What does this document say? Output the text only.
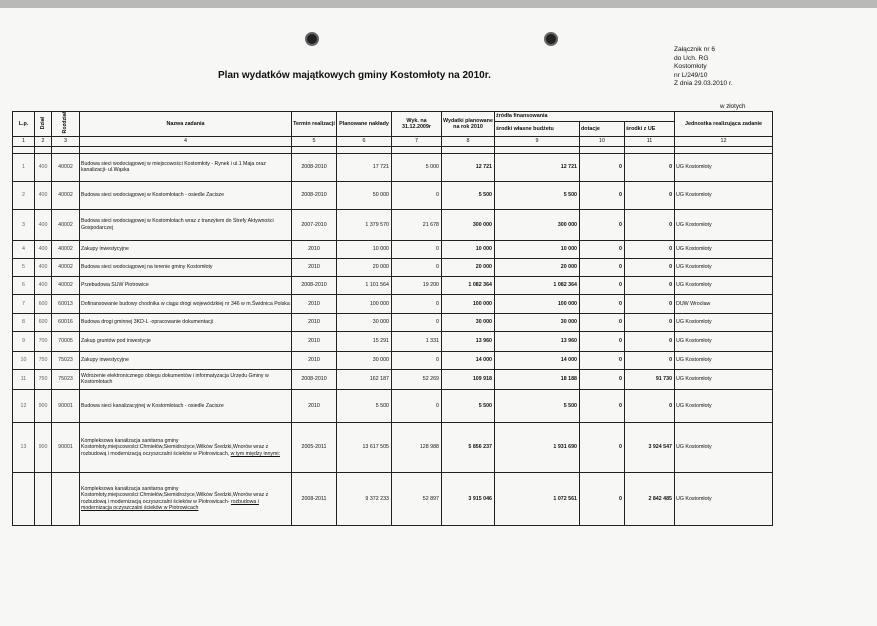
Plan wydatków majątkowych gminy Kostomłoty na 2010r.
Załącznik nr 6
do Uch. RG
Kostomłoty
nr L/249/10
Z dnia 29.03.2010 r.
w złotych
L.p.	Dział	Rozdział	Nazwa zadania	Termin realizacji	Planowane nakłady	Wyk. na 31.12.2009r	Wydatki planowane na rok 2010	źródła finansowania			Jednostka realizująca zadanie
								środki własne budżetu	dotacje	środki z UE	
1	2	3	4	5	6	7	8	9	10	11	12

1	400	40002	Budowa sieci wodociągowej w miejscowości Kostomłoty - Rynek i ul.1 Maja oraz kanalizacji- ul.Wąska	2008-2010	17 721	5 000	12 721	12 721	0	0	UG Kostomłoty
2	400	40002	Budowa sieci wodociągowej w Kostomłotach - osiedle Zacisze	2008-2010	50 000	0	5 500	5 500	0	0	UG Kostomłoty
3	400	40002	Budowa sieci wodociągowej w Kostomłotach wraz z tranzytem do Strefy Aktywności Gospodarczej	2007-2010	1 379 570	21 678	300 000	300 000	0	0	UG Kostomłoty
4	400	40002	Zakupy inwestycyjne	2010	10 000	0	10 000	10 000	0	0	UG Kostomłoty
5	400	40002	Budowa sieci wodociągowej na terenie gminy Kostomłoty	2010	20 000	0	20 000	20 000	0	0	UG Kostomłoty
6	400	40002	Przebudowa SUW Piotrowice	2008-2010	1 101 564	19 200	1 082 364	1 082 364	0	0	UG Kostomłoty
7	600	60013	Dofinansowanie budowy chodnika w ciągu drogi wojewódzkiej nr 346 w m.Świdnica Polska	2010	100 000	0	100 000	100 000	0	0	DUW Wrocław
8	600	60016	Budowa drogi gminnej 3KD-L -opracowanie dokumentacji	2010	30 000	0	30 000	30 000	0	0	UG Kostomłoty
9	700	70005	Zakup gruntów pod inwestycje	2010	15 291	1 331	13 960	13 960	0	0	UG Kostomłoty
10	750	75023	Zakupy inwestycyjne	2010	30 000	0	14 000	14 000	0	0	UG Kostomłoty
11	750	75023	Wdrożenie elektronicznego obiegu dokumentów i informatyzacja Urzędu Gminy w Kostomłotach	2008-2010	162 187	52 269	109 918	18 188	0	91 730	UG Kostomłoty
12	900	90001	Budowa sieci kanalizacyjnej w Kostomłotach - osiedle Zacisze	2010	5 500	0	5 500	5 500	0	0	UG Kostomłoty
13	900	90001	Kompleksowa kanalizacja sanitarna gminy Kostomłoty,miejscowości:Chmiełów,Siemidrożyce,Wilków Średzki,Wnorów wraz z rozbudową i modernizacją oczyszczalni ścieków w Piotrowicach, w tym między innymi:	2005-2011	13 617 505	128 988	5 856 237	1 931 690	0	3 924 547	UG Kostomłoty
			Kompleksowa kanalizacja sanitarna gminy Kostomłoty,miejscowości:Chmiełów,Siemidrożyce,Wilków Średzki,Wnorów wraz z rozbudową i modernizacją oczyszczalni ścieków w Piotrowicach- rozbudowa i modernizacja oczyszczalni ścieków w Piotrowicach	2008-2011	9 372 233	52 897	3 915 046	1 072 561	0	2 842 485	UG Kostomłoty
